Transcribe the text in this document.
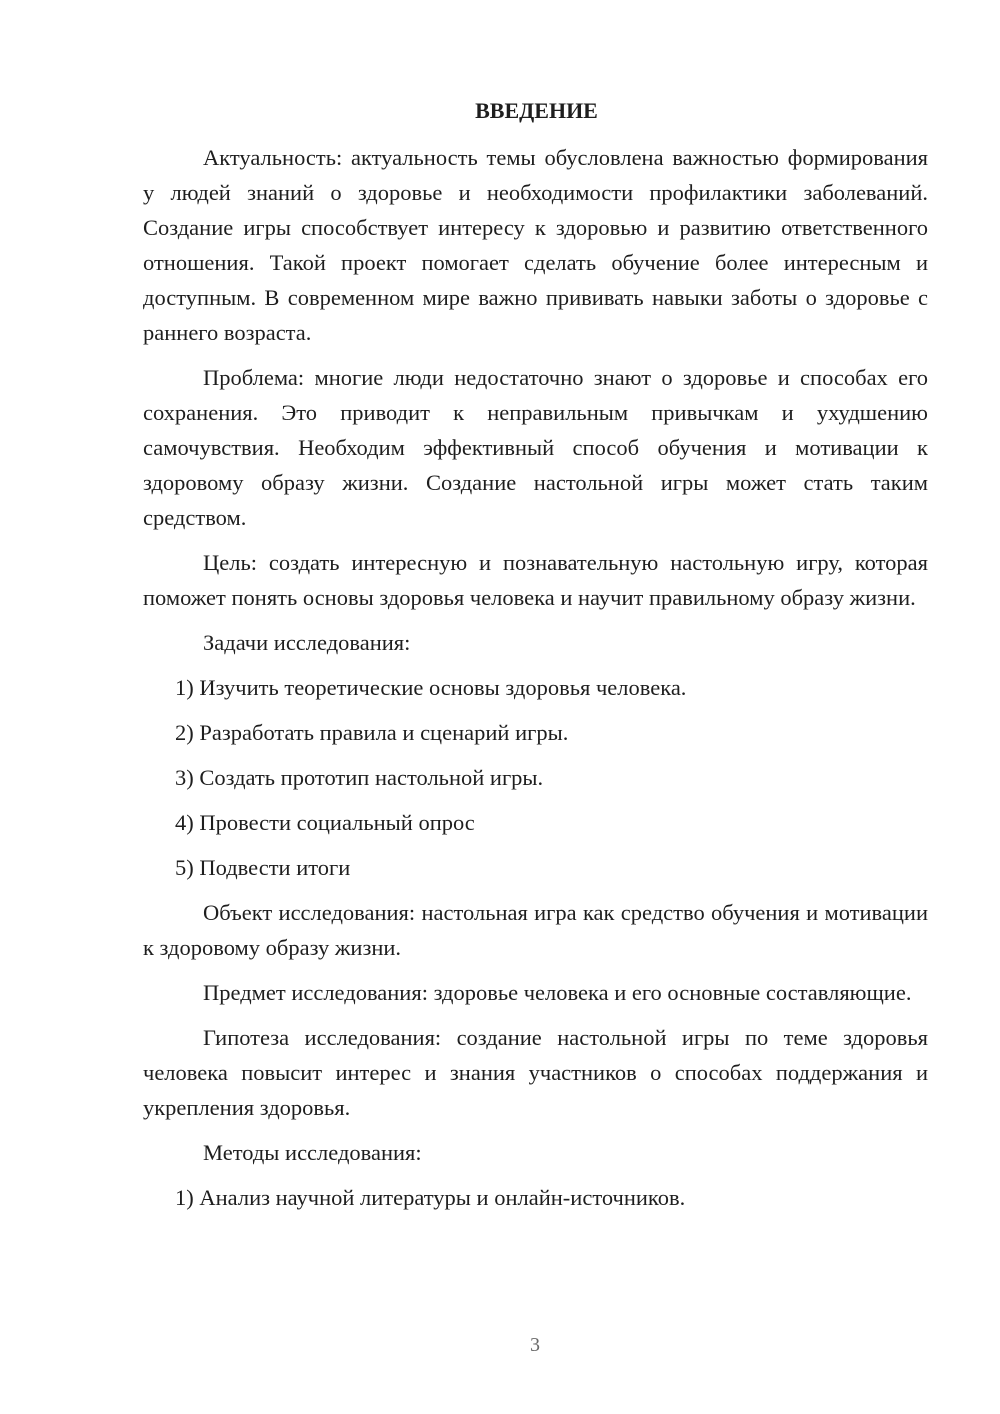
ВВЕДЕНИЕ

Актуальность: актуальность темы обусловлена важностью формирования у людей знаний о здоровье и необходимости профилактики заболеваний. Создание игры способствует интересу к здоровью и развитию ответственного отношения. Такой проект помогает сделать обучение более интересным и доступным. В современном мире важно прививать навыки заботы о здоровье с раннего возраста.

Проблема: многие люди недостаточно знают о здоровье и способах его сохранения. Это приводит к неправильным привычкам и ухудшению самочувствия. Необходим эффективный способ обучения и мотивации к здоровому образу жизни. Создание настольной игры может стать таким средством.

Цель: создать интересную и познавательную настольную игру, которая поможет понять основы здоровья человека и научит правильному образу жизни.

Задачи исследования:

1) Изучить теоретические основы здоровья человека.

2) Разработать правила и сценарий игры.

3) Создать прототип настольной игры.

4) Провести социальный опрос

5) Подвести итоги

Объект исследования: настольная игра как средство обучения и мотивации к здоровому образу жизни.

Предмет исследования: здоровье человека и его основные составляющие.

Гипотеза исследования: создание настольной игры по теме здоровья человека повысит интерес и знания участников о способах поддержания и укрепления здоровья.

Методы исследования:

1) Анализ научной литературы и онлайн-источников.

3
